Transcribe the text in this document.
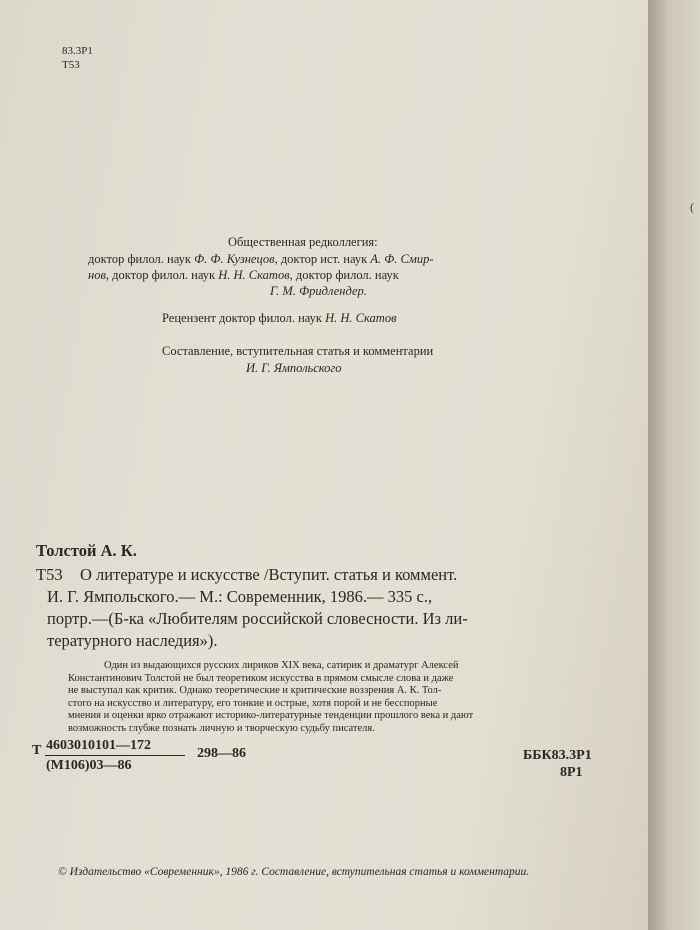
83.3Р1
Т53
Общественная редколлегия:
доктор филол. наук Ф. Ф. Кузнецов, доктор ист. наук А. Ф. Смир-
нов, доктор филол. наук Н. Н. Скатов, доктор филол. наук
Г. М. Фридлендер.
Рецензент доктор филол. наук Н. Н. Скатов
Составление, вступительная статья и комментарии
И. Г. Ямпольского
Толстой А. К.
Т53 О литературе и искусстве /Вступит. статья и коммент.
И. Г. Ямпольского.— М.: Современник, 1986.— 335 с.,
портр.—(Б-ка «Любителям российской словесности. Из ли-
тературного наследия»).
Один из выдающихся русских лириков XIX века, сатирик и драматург Алексей
Константинович Толстой не был теоретиком искусства в прямом смысле слова и даже
не выступал как критик. Однако теоретические и критические воззрения А. К. Тол-
стого на искусство и литературу, его тонкие и острые, хотя порой и не бесспорные
мнения и оценки ярко отражают историко-литературные тенденции прошлого века и дают
возможность глубже познать личную и творческую судьбу писателя.
Т 4603010101—172
(М106)03—86
298—86	ББК83.3Р1
8Р1
© Издательство «Современник», 1986 г. Составление, вступительная статья и комментарии.
(
